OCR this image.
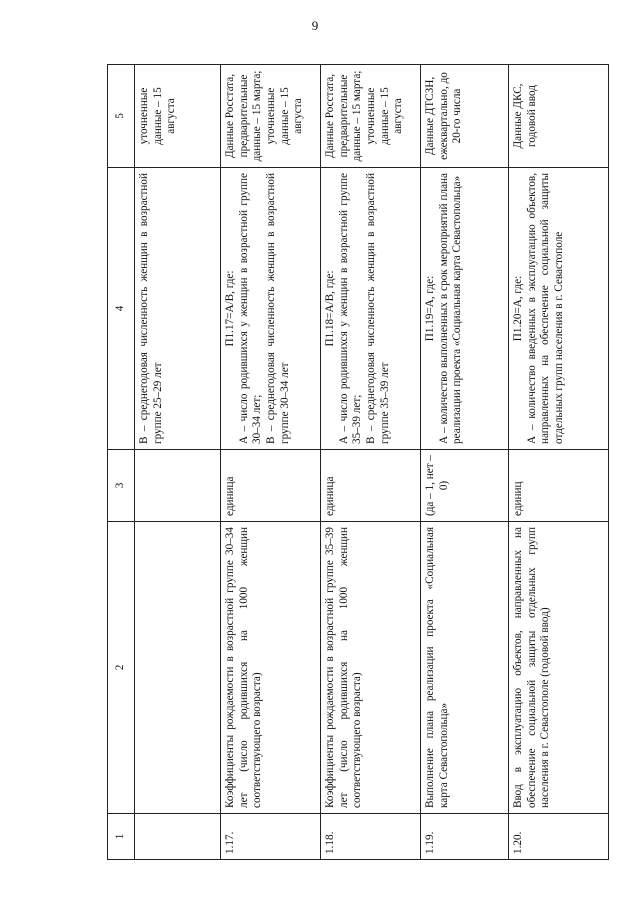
9
1	2	3	4	5

			В – среднегодовая численность женщин в возрастной группе 25–29 лет	уточненные данные – 15 августа
1.17.	Коэффициенты рождаемости в возрастной группе 30–34 лет (число родившихся на 1000 женщин соответствующего возраста)	единица	П1.17=А/В, где: А – число родившихся у женщин в возрастной группе 30–34 лет; В – среднегодовая численность женщин в возрастной группе 30–34 лет	Данные Росстата, предварительные данные – 15 марта; уточненные данные – 15 августа
1.18.	Коэффициенты рождаемости в возрастной группе 35–39 лет (число родившихся на 1000 женщин соответствующего возраста)	единица	П1.18=А/В, где: А – число родившихся у женщин в возрастной группе 35–39 лет; В – среднегодовая численность женщин в возрастной группе 35–39 лет	Данные Росстата, предварительные данные – 15 марта; уточненные данные – 15 августа
1.19.	Выполнение плана реализации проекта «Социальная карта Севастопольца»	(да – 1, нет – 0)	П1.19=А, где: А – количество выполненных в срок мероприятий плана реализации проекта «Социальная карта Севастопольца»	Данные ДТСЗН, ежеквартально, до 20-го числа
1.20.	Ввод в эксплуатацию объектов, направленных на обеспечение социальной защиты отдельных групп населения в г. Севастополе (годовой ввод)	единиц	П1.20=А, где: А – количество введенных в эксплуатацию объектов, направленных на обеспечение социальной защиты отдельных групп населения в г. Севастополе	Данные ДКС, годовой ввод
